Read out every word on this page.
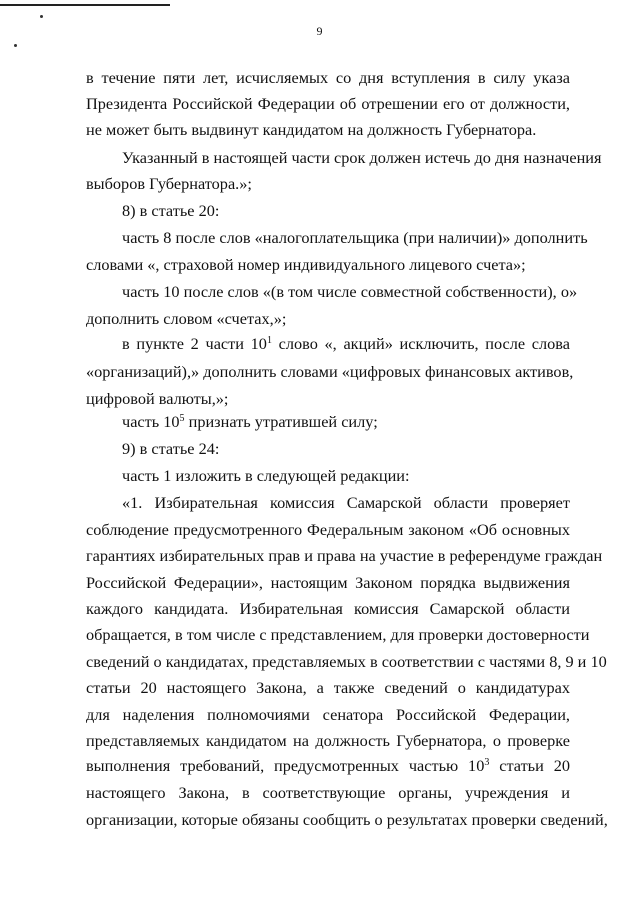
9
в течение пяти лет, исчисляемых со дня вступления в силу указа
Президента Российской Федерации об отрешении его от должности,
не может быть выдвинут кандидатом на должность Губернатора.
Указанный в настоящей части срок должен истечь до дня назначения
выборов Губернатора.»;
8) в статье 20:
часть 8 после слов «налогоплательщика (при наличии)» дополнить
словами «, страховой номер индивидуального лицевого счета»;
часть 10 после слов «(в том числе совместной собственности), о»
дополнить словом «счетах,»;
в пункте 2 части $10^1$ слово «, акций» исключить, после слова
«организаций),» дополнить словами «цифровых финансовых активов,
цифровой валюты,»;
часть $10^5$ признать утратившей силу;
9) в статье 24:
часть 1 изложить в следующей редакции:
«1. Избирательная комиссия Самарской области проверяет
соблюдение предусмотренного Федеральным законом «Об основных
гарантиях избирательных прав и права на участие в референдуме граждан
Российской Федерации», настоящим Законом порядка выдвижения
каждого кандидата. Избирательная комиссия Самарской области
обращается, в том числе с представлением, для проверки достоверности
сведений о кандидатах, представляемых в соответствии с частями 8, 9 и 10
статьи 20 настоящего Закона, а также сведений о кандидатурах
для наделения полномочиями сенатора Российской Федерации,
представляемых кандидатом на должность Губернатора, о проверке
выполнения требований, предусмотренных частью $10^3$ статьи 20
настоящего Закона, в соответствующие органы, учреждения и
организации, которые обязаны сообщить о результатах проверки сведений,
